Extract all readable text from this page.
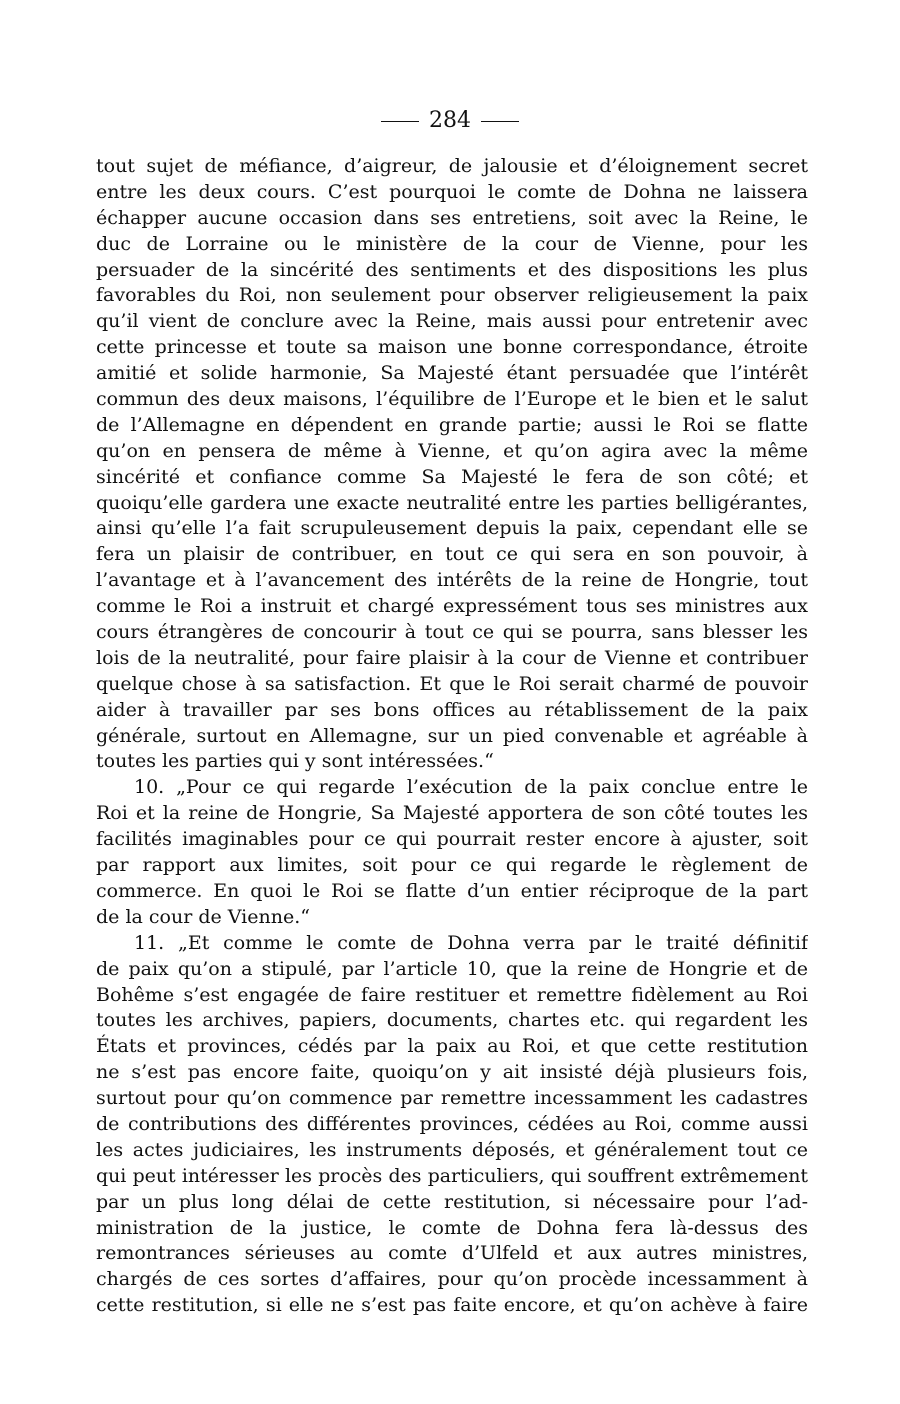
284
tout sujet de méfiance, d’aigreur, de jalousie et d’éloignement secret
entre les deux cours. C’est pourquoi le comte de Dohna ne laissera
échapper aucune occasion dans ses entretiens, soit avec la Reine, le
duc de Lorraine ou le ministère de la cour de Vienne, pour les
persuader de la sincérité des sentiments et des dispositions les plus
favorables du Roi, non seulement pour observer religieusement la paix
qu’il vient de conclure avec la Reine, mais aussi pour entretenir avec
cette princesse et toute sa maison une bonne correspondance, étroite
amitié et solide harmonie, Sa Majesté étant persuadée que l’intérêt
commun des deux maisons, l’équilibre de l’Europe et le bien et le salut
de l’Allemagne en dépendent en grande partie; aussi le Roi se flatte
qu’on en pensera de même à Vienne, et qu’on agira avec la même
sincérité et confiance comme Sa Majesté le fera de son côté; et
quoiqu’elle gardera une exacte neutralité entre les parties belligérantes,
ainsi qu’elle l’a fait scrupuleusement depuis la paix, cependant elle se
fera un plaisir de contribuer, en tout ce qui sera en son pouvoir, à
l’avantage et à l’avancement des intérêts de la reine de Hongrie, tout
comme le Roi a instruit et chargé expressément tous ses ministres aux
cours étrangères de concourir à tout ce qui se pourra, sans blesser les
lois de la neutralité, pour faire plaisir à la cour de Vienne et contribuer
quelque chose à sa satisfaction. Et que le Roi serait charmé de pouvoir
aider à travailler par ses bons offices au rétablissement de la paix
générale, surtout en Allemagne, sur un pied convenable et agréable à
toutes les parties qui y sont intéressées.“
10. „Pour ce qui regarde l’exécution de la paix conclue entre le
Roi et la reine de Hongrie, Sa Majesté apportera de son côté toutes les
facilités imaginables pour ce qui pourrait rester encore à ajuster, soit
par rapport aux limites, soit pour ce qui regarde le règlement de
commerce. En quoi le Roi se flatte d’un entier réciproque de la part
de la cour de Vienne.“
11. „Et comme le comte de Dohna verra par le traité définitif
de paix qu’on a stipulé, par l’article 10, que la reine de Hongrie et de
Bohême s’est engagée de faire restituer et remettre fidèlement au Roi
toutes les archives, papiers, documents, chartes etc. qui regardent les
États et provinces, cédés par la paix au Roi, et que cette restitution
ne s’est pas encore faite, quoiqu’on y ait insisté déjà plusieurs fois,
surtout pour qu’on commence par remettre incessamment les cadastres
de contributions des différentes provinces, cédées au Roi, comme aussi
les actes judiciaires, les instruments déposés, et généralement tout ce
qui peut intéresser les procès des particuliers, qui souffrent extrêmement
par un plus long délai de cette restitution, si nécessaire pour l’ad-
ministration de la justice, le comte de Dohna fera là-dessus des
remontrances sérieuses au comte d’Ulfeld et aux autres ministres,
chargés de ces sortes d’affaires, pour qu’on procède incessamment à
cette restitution, si elle ne s’est pas faite encore, et qu’on achève à faire
